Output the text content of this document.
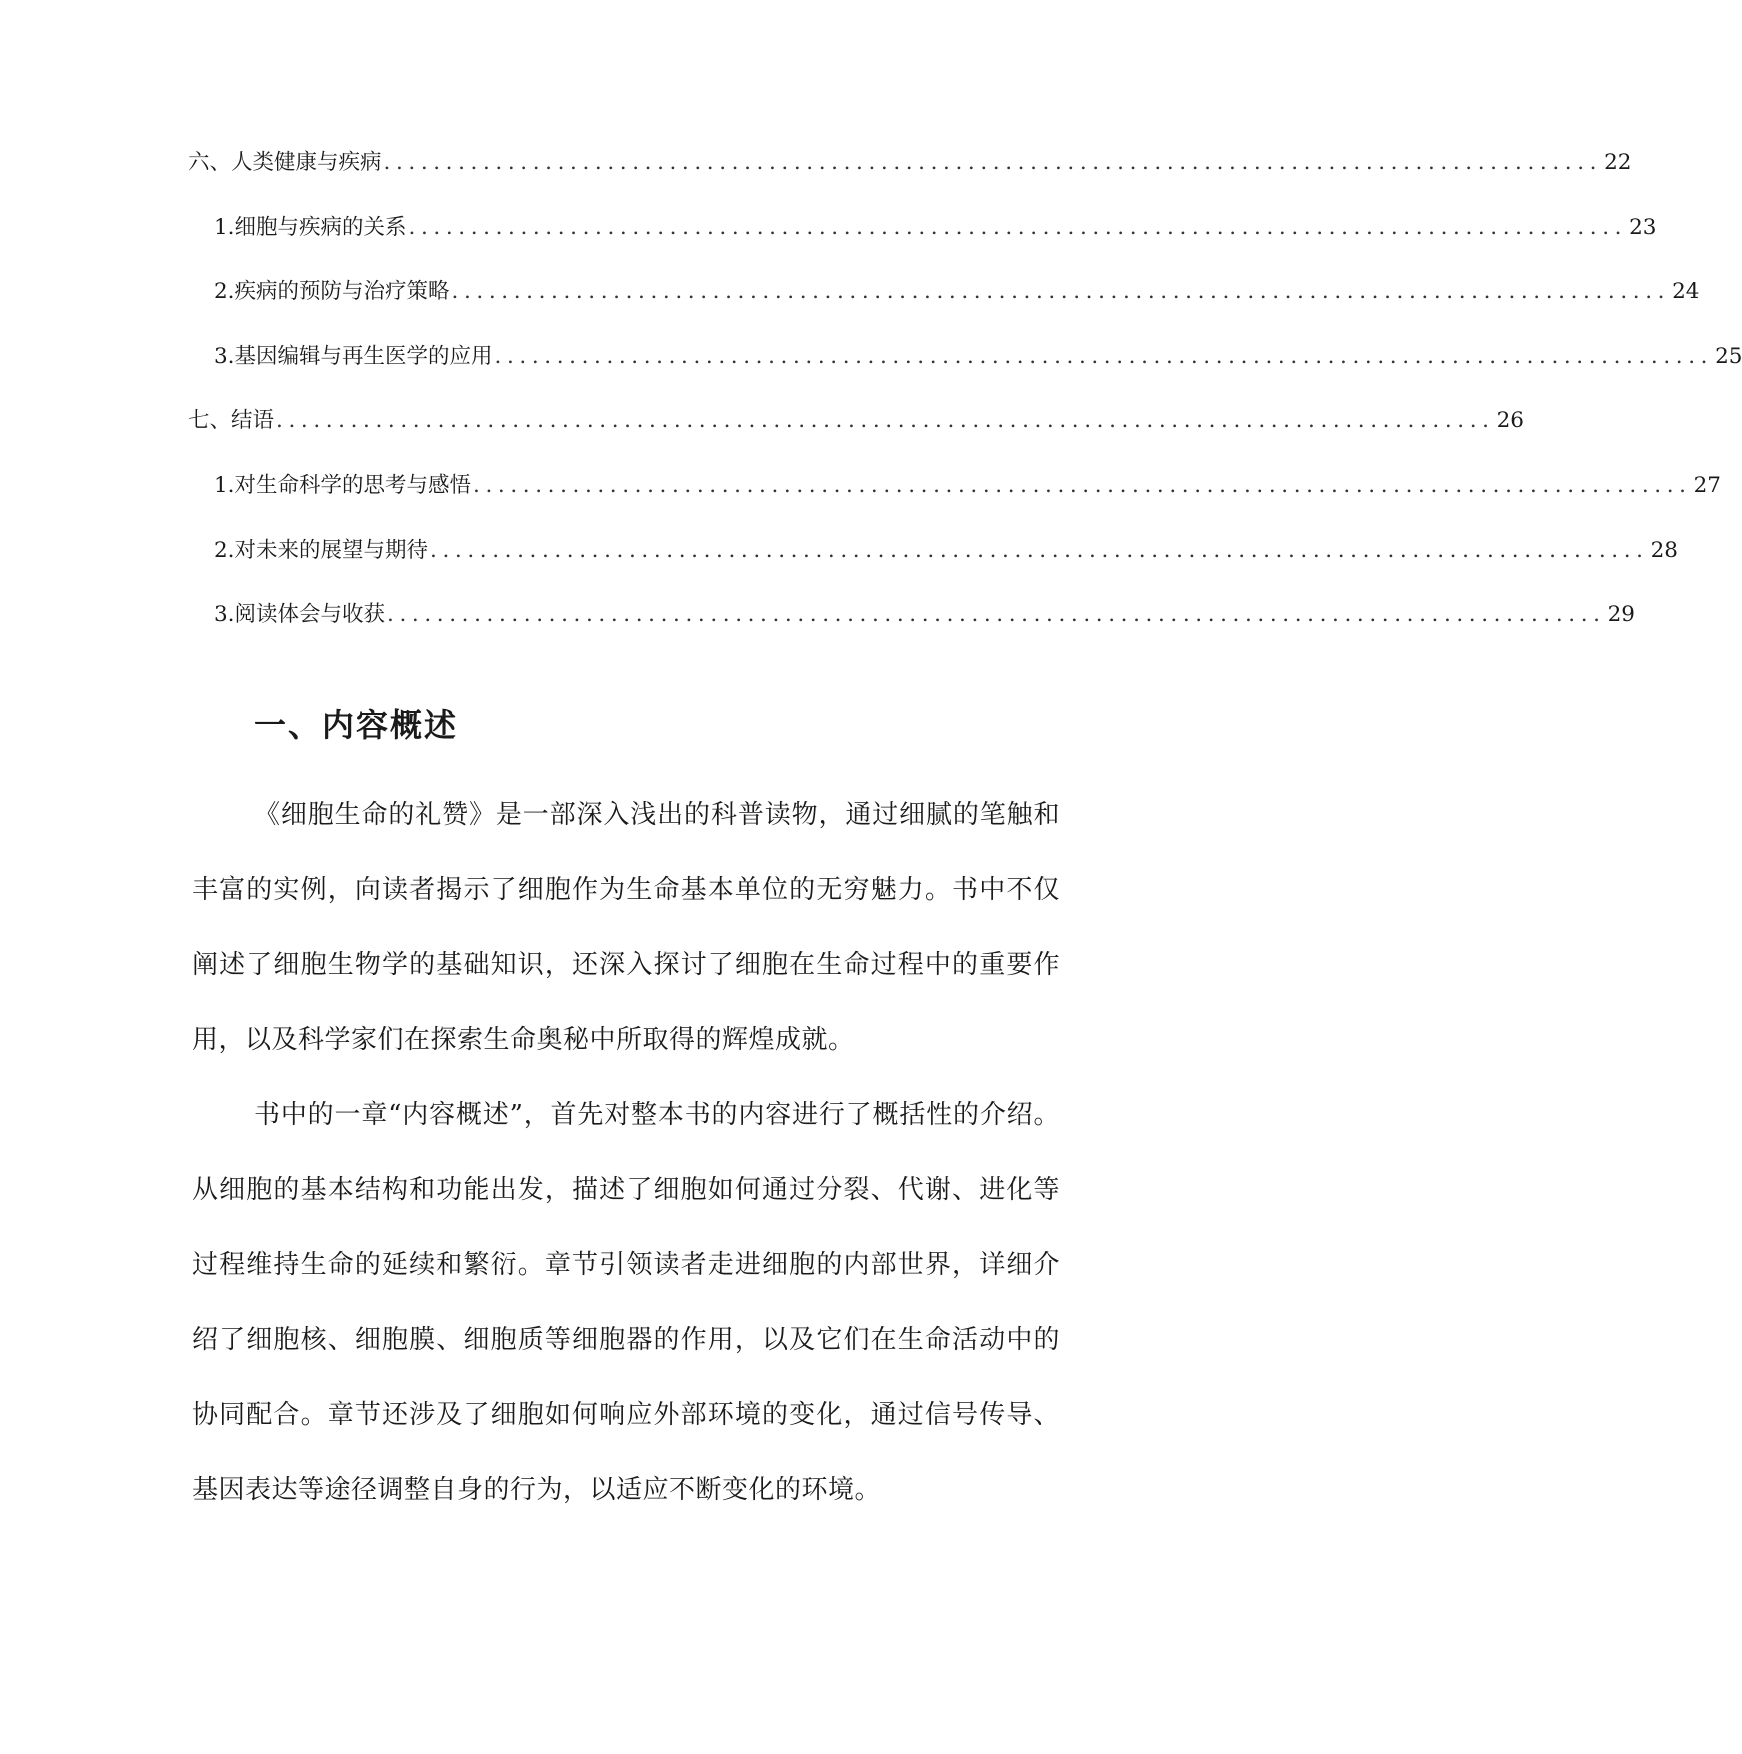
六、人类健康与疾病 .................................................................................................. 22
1. 细胞与疾病的关系 .................................................................................................. 23
2. 疾病的预防与治疗策略 .................................................................................................. 24
3. 基因编辑与再生医学的应用 .................................................................................................. 25
七、结语 .................................................................................................. 26
1. 对生命科学的思考与感悟 .................................................................................................. 27
2. 对未来的展望与期待 .................................................................................................. 28
3. 阅读体会与收获 .................................................................................................. 29
一、内容概述

《细胞生命的礼赞》是一部深入浅出的科普读物，通过细腻的笔触和丰富的实例，向读者揭示了细胞作为生命基本单位的无穷魅力。书中不仅阐述了细胞生物学的基础知识，还深入探讨了细胞在生命过程中的重要作用，以及科学家们在探索生命奥秘中所取得的辉煌成就。

书中的一章“内容概述”，首先对整本书的内容进行了概括性的介绍。从细胞的基本结构和功能出发，描述了细胞如何通过分裂、代谢、进化等过程维持生命的延续和繁衍。章节引领读者走进细胞的内部世界，详细介绍了细胞核、细胞膜、细胞质等细胞器的作用，以及它们在生命活动中的协同配合。章节还涉及了细胞如何响应外部环境的变化，通过信号传导、基因表达等途径调整自身的行为，以适应不断变化的环境。
